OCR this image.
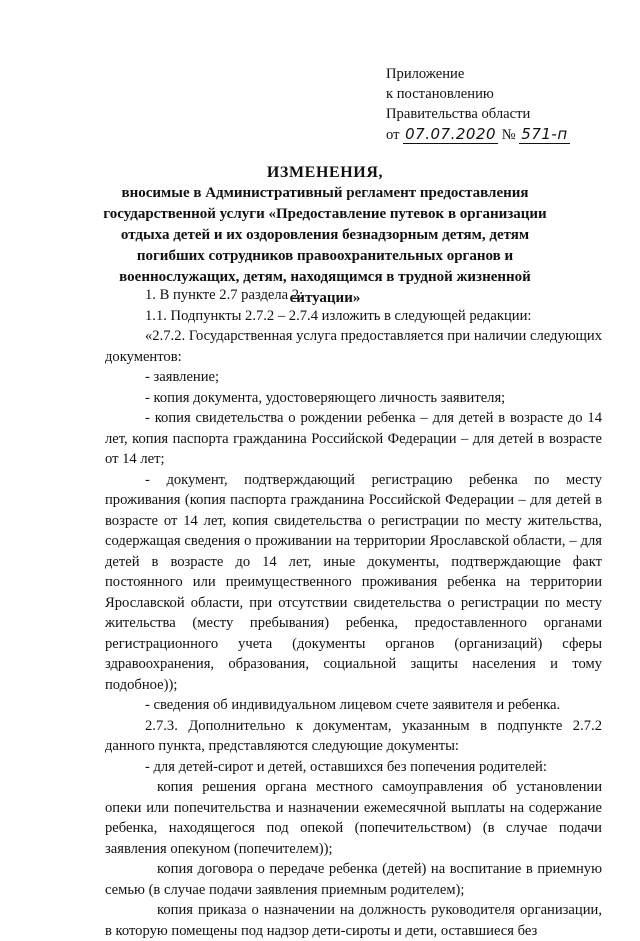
Приложение
к постановлению
Правительства области
от 07.07.2020 № 571-п
ИЗМЕНЕНИЯ,
вносимые в Административный регламент предоставления государственной услуги «Предоставление путевок в организации отдыха детей и их оздоровления безнадзорным детям, детям погибших сотрудников правоохранительных органов и военнослужащих, детям, находящимся в трудной жизненной ситуации»

1. В пункте 2.7 раздела 2:

1.1. Подпункты 2.7.2 – 2.7.4 изложить в следующей редакции:

«2.7.2. Государственная услуга предоставляется при наличии следующих документов:

- заявление;

- копия документа, удостоверяющего личность заявителя;

- копия свидетельства о рождении ребенка – для детей в возрасте до 14 лет, копия паспорта гражданина Российской Федерации – для детей в возрасте от 14 лет;

- документ, подтверждающий регистрацию ребенка по месту проживания (копия паспорта гражданина Российской Федерации – для детей в возрасте от 14 лет, копия свидетельства о регистрации по месту жительства, содержащая сведения о проживании на территории Ярославской области, – для детей в возрасте до 14 лет, иные документы, подтверждающие факт постоянного или преимущественного проживания ребенка на территории Ярославской области, при отсутствии свидетельства о регистрации по месту жительства (месту пребывания) ребенка, предоставленного органами регистрационного учета (документы органов (организаций) сферы здравоохранения, образования, социальной защиты населения и тому подобное));

- сведения об индивидуальном лицевом счете заявителя и ребенка.

2.7.3. Дополнительно к документам, указанным в подпункте 2.7.2 данного пункта, представляются следующие документы:

- для детей-сирот и детей, оставшихся без попечения родителей:

копия решения органа местного самоуправления об установлении опеки или попечительства и назначении ежемесячной выплаты на содержание ребенка, находящегося под опекой (попечительством) (в случае подачи заявления опекуном (попечителем));

копия договора о передаче ребенка (детей) на воспитание в приемную семью (в случае подачи заявления приемным родителем);

копия приказа о назначении на должность руководителя организации, в которую помещены под надзор дети-сироты и дети, оставшиеся без
